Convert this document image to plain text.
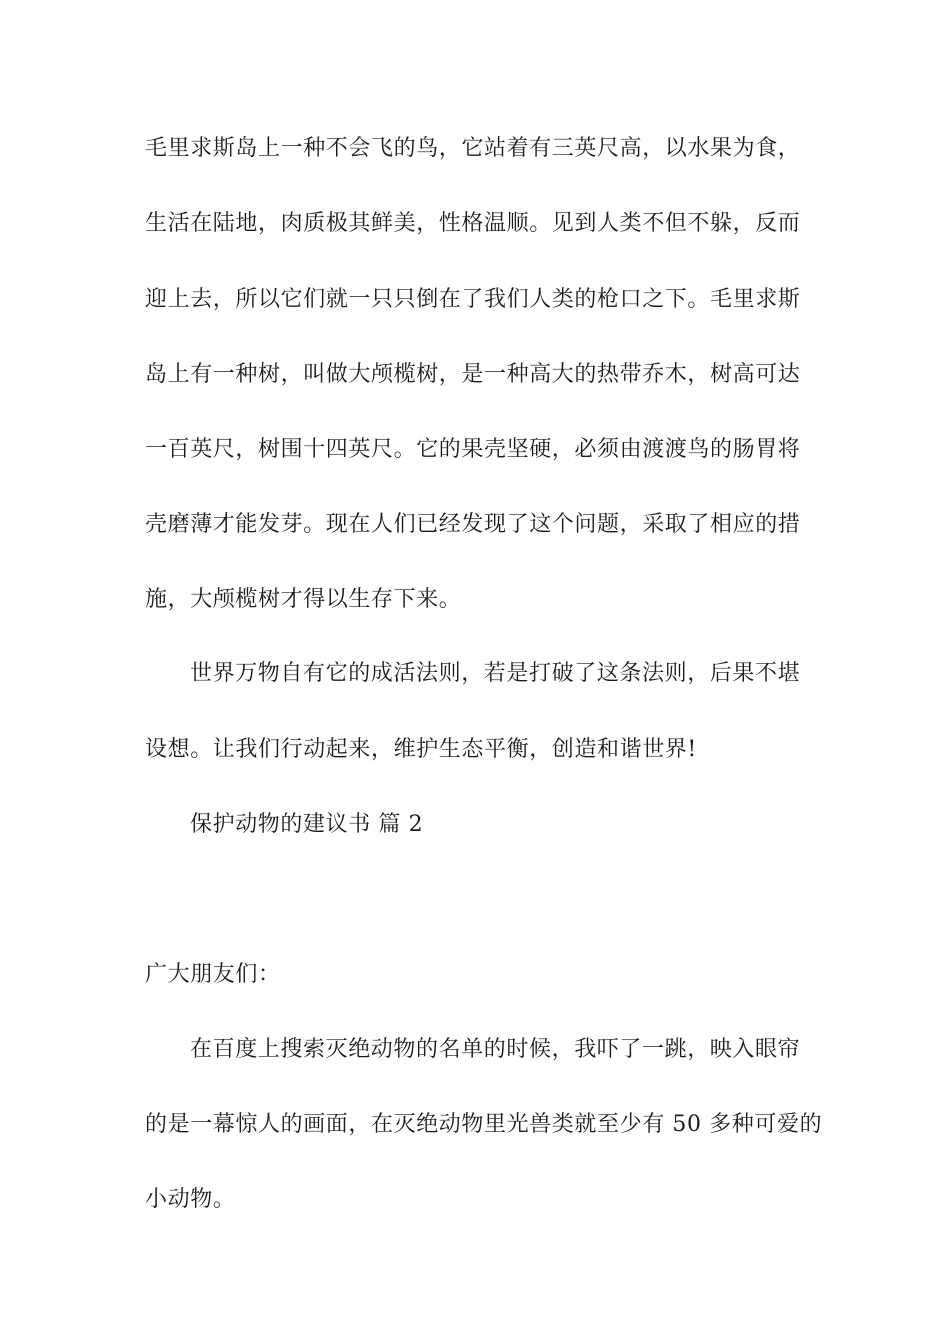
毛里求斯岛上一种不会飞的鸟，它站着有三英尺高，以水果为食，
生活在陆地，肉质极其鲜美，性格温顺。见到人类不但不躲，反而
迎上去，所以它们就一只只倒在了我们人类的枪口之下。毛里求斯
岛上有一种树，叫做大颅榄树，是一种高大的热带乔木，树高可达
一百英尺，树围十四英尺。它的果壳坚硬，必须由渡渡鸟的肠胃将
壳磨薄才能发芽。现在人们已经发现了这个问题，采取了相应的措
施，大颅榄树才得以生存下来。
世界万物自有它的成活法则，若是打破了这条法则，后果不堪
设想。让我们行动起来，维护生态平衡，创造和谐世界!
保护动物的建议书 篇 2
广大朋友们：
在百度上搜索灭绝动物的名单的时候，我吓了一跳，映入眼帘
的是一幕惊人的画面，在灭绝动物里光兽类就至少有 50 多种可爱的
小动物。
